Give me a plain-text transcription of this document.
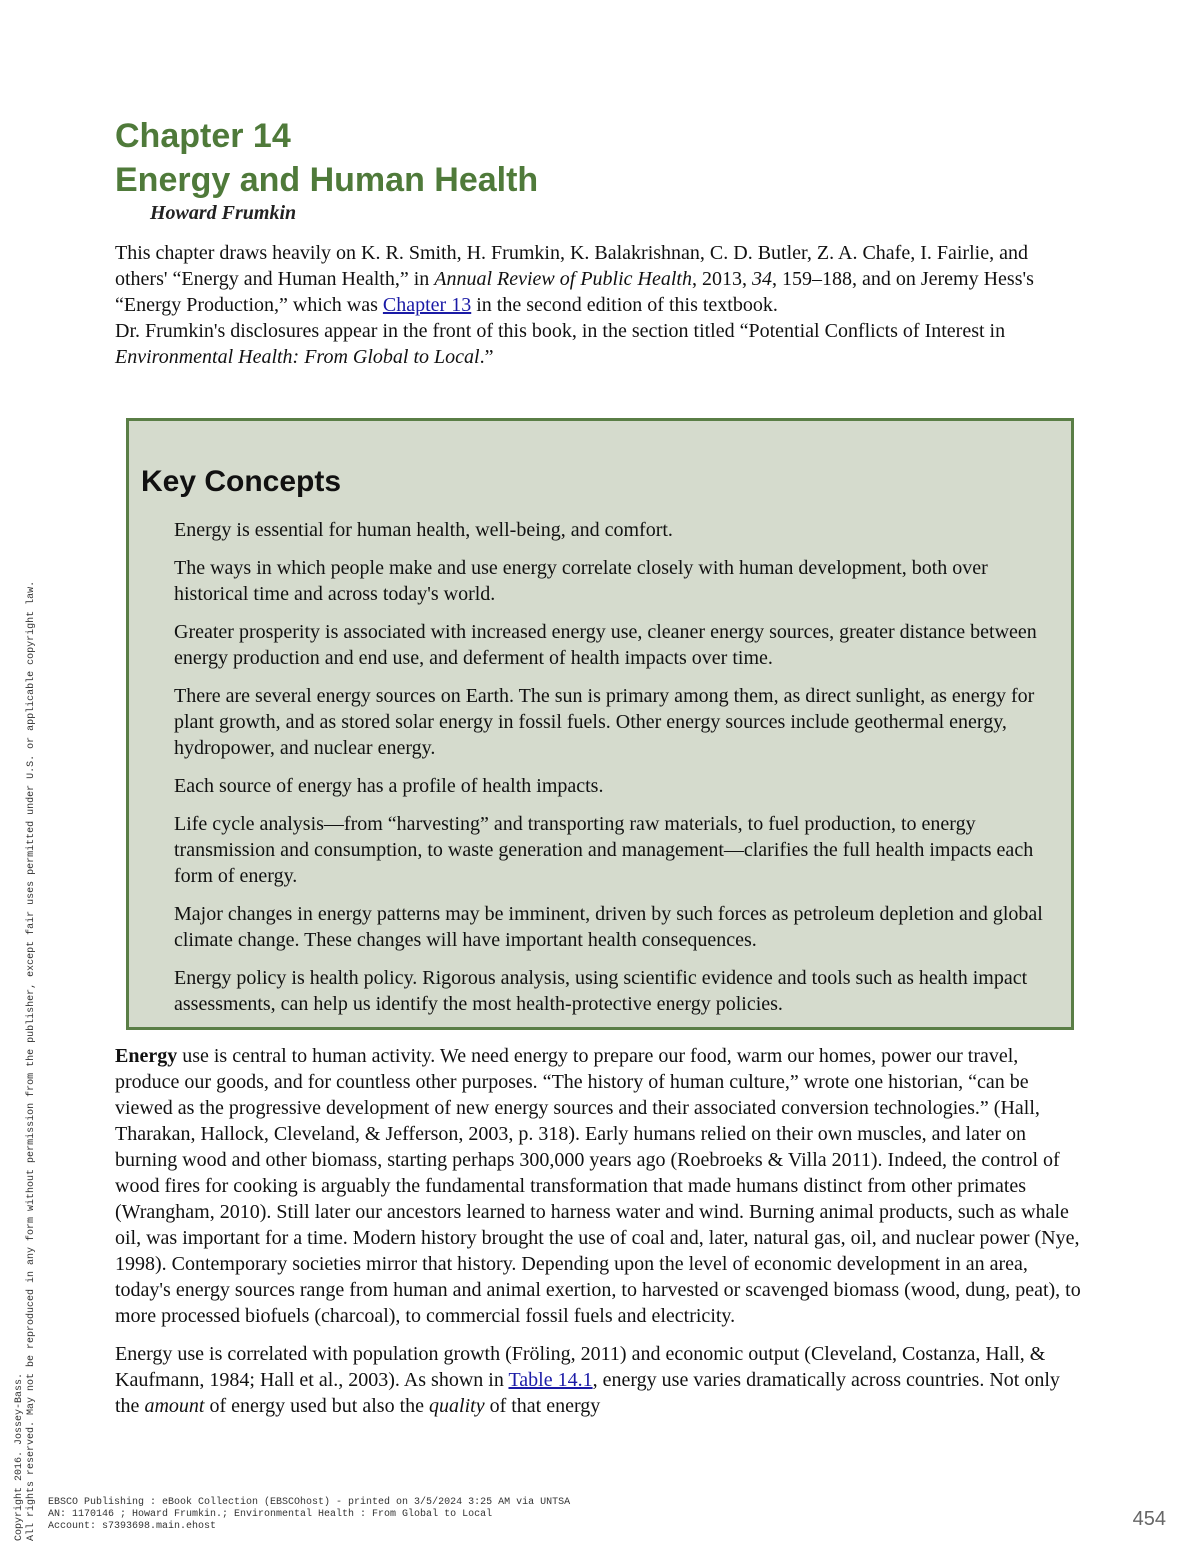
Chapter 14
Energy and Human Health
Howard Frumkin

This chapter draws heavily on K. R. Smith, H. Frumkin, K. Balakrishnan, C. D. Butler, Z. A. Chafe, I. Fairlie, and others' “Energy and Human Health,” in Annual Review of Public Health, 2013, 34, 159–188, and on Jeremy Hess's “Energy Production,” which was Chapter 13 in the second edition of this textbook.

Dr. Frumkin's disclosures appear in the front of this book, in the section titled “Potential Conflicts of Interest in Environmental Health: From Global to Local.”

Key Concepts
Energy is essential for human health, well-being, and comfort.
The ways in which people make and use energy correlate closely with human development, both over historical time and across today's world.
Greater prosperity is associated with increased energy use, cleaner energy sources, greater distance between energy production and end use, and deferment of health impacts over time.
There are several energy sources on Earth. The sun is primary among them, as direct sunlight, as energy for plant growth, and as stored solar energy in fossil fuels. Other energy sources include geothermal energy, hydropower, and nuclear energy.
Each source of energy has a profile of health impacts.
Life cycle analysis—from “harvesting” and transporting raw materials, to fuel production, to energy transmission and consumption, to waste generation and management—clarifies the full health impacts each form of energy.
Major changes in energy patterns may be imminent, driven by such forces as petroleum depletion and global climate change. These changes will have important health consequences.
Energy policy is health policy. Rigorous analysis, using scientific evidence and tools such as health impact assessments, can help us identify the most health-protective energy policies.

Energy use is central to human activity. We need energy to prepare our food, warm our homes, power our travel, produce our goods, and for countless other purposes. “The history of human culture,” wrote one historian, “can be viewed as the progressive development of new energy sources and their associated conversion technologies.” (Hall, Tharakan, Hallock, Cleveland, & Jefferson, 2003, p. 318). Early humans relied on their own muscles, and later on burning wood and other biomass, starting perhaps 300,000 years ago (Roebroeks & Villa 2011). Indeed, the control of wood fires for cooking is arguably the fundamental transformation that made humans distinct from other primates (Wrangham, 2010). Still later our ancestors learned to harness water and wind. Burning animal products, such as whale oil, was important for a time. Modern history brought the use of coal and, later, natural gas, oil, and nuclear power (Nye, 1998). Contemporary societies mirror that history. Depending upon the level of economic development in an area, today's energy sources range from human and animal exertion, to harvested or scavenged biomass (wood, dung, peat), to more processed biofuels (charcoal), to commercial fossil fuels and electricity.

Energy use is correlated with population growth (Fröling, 2011) and economic output (Cleveland, Costanza, Hall, & Kaufmann, 1984; Hall et al., 2003). As shown in Table 14.1, energy use varies dramatically across countries. Not only the amount of energy used but also the quality of that energy

Copyright 2016. Jossey-Bass. All rights reserved. May not be reproduced in any form without permission from the publisher, except fair uses permitted under U.S. or applicable copyright law. EBSCO Publishing : eBook Collection (EBSCOhost) - printed on 3/5/2024 3:25 AM via UNTSA
AN: 1170146 ; Howard Frumkin.; Environmental Health : From Global to Local
Account: s7393698.main.ehost	454
